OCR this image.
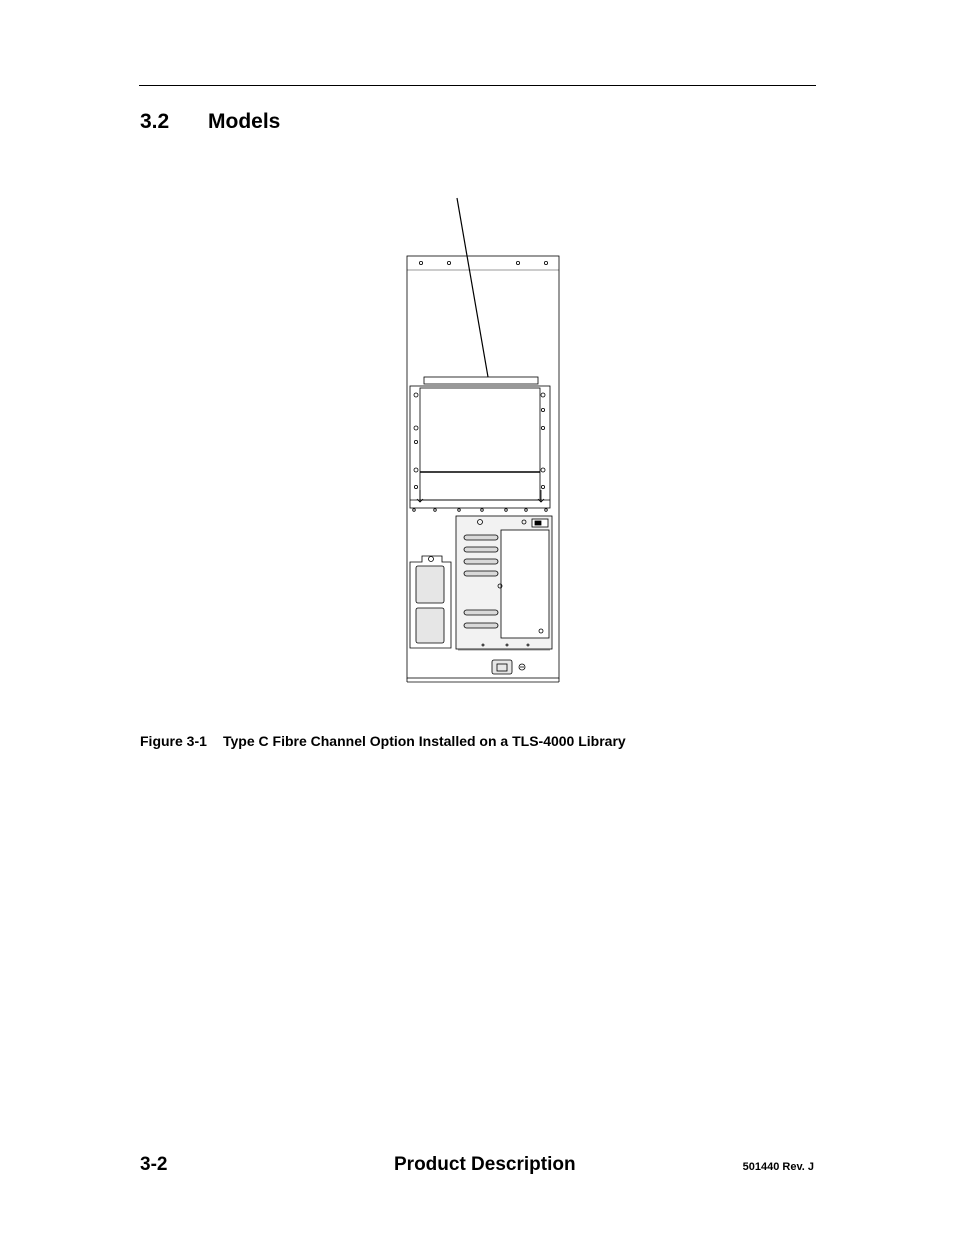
3.2 Models
Figure 3-1 Type C Fibre Channel Option Installed on a TLS-4000 Library
3-2	Product Description	501440 Rev. J
